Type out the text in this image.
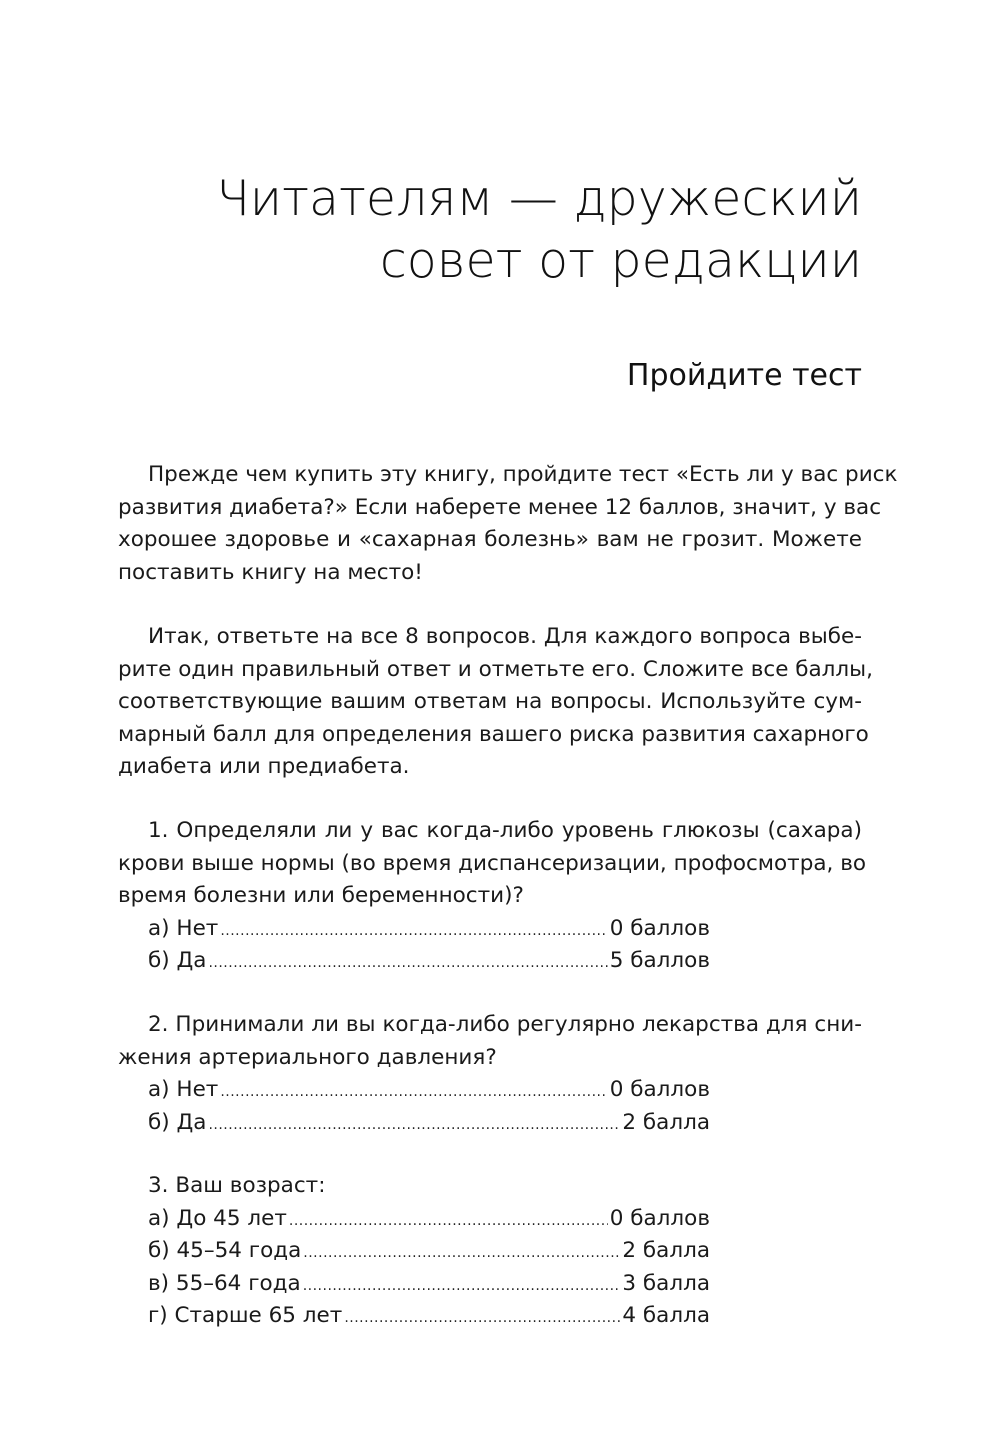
Читателям — дружеский
совет от редакции
Пройдите тест

Прежде чем купить эту книгу, пройдите тест «Есть ли у вас риск
развития диабета?» Если наберете менее 12 баллов, значит, у вас
хорошее здоровье и «сахарная болезнь» вам не грозит. Можете
поставить книгу на место!

Итак, ответьте на все 8 вопросов. Для каждого вопроса выбе-
рите один правильный ответ и отметьте его. Сложите все баллы,
соответствующие вашим ответам на вопросы. Используйте сум-
марный балл для определения вашего риска развития сахарного
диабета или предиабета.

1. Определяли ли у вас когда-либо уровень глюкозы (сахара)
крови выше нормы (во время диспансеризации, профосмотра, во
время болезни или беременности)?
а) Нет .....	0 баллов
б) Да .....	5 баллов
2. Принимали ли вы когда-либо регулярно лекарства для сни-
жения артериального давления?
а) Нет .....	0 баллов
б) Да .....	2 балла
3. Ваш возраст:
а) До 45 лет .....	0 баллов
б) 45–54 года .....	2 балла
в) 55–64 года .....	3 балла
г) Старше 65 лет .....	4 балла
